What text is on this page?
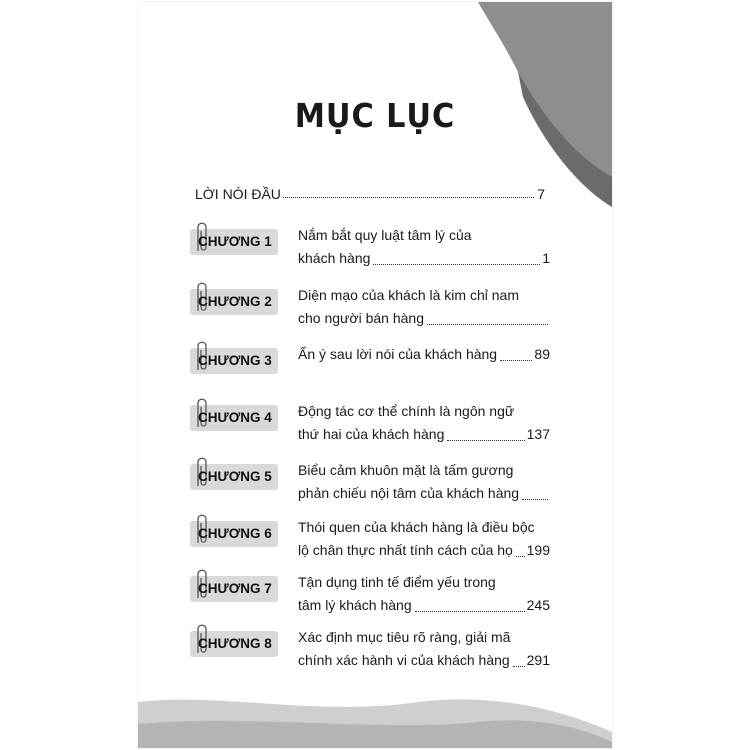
MỤC LỤC
LỜI NÓI ĐẦU	7
CHƯƠNG 1 Nắm bắt quy luật tâm lý của
khách hàng	1
CHƯƠNG 2 Diện mạo của khách là kim chỉ nam
cho người bán hàng
CHƯƠNG 3 Ẩn ý sau lời nói của khách hàng	89
CHƯƠNG 4 Động tác cơ thể chính là ngôn ngữ
thứ hai của khách hàng	137
CHƯƠNG 5 Biểu cảm khuôn mặt là tấm gương
phản chiếu nội tâm của khách hàng
CHƯƠNG 6 Thói quen của khách hàng là điều bộc
lộ chân thực nhất tính cách của họ 199
CHƯƠNG 7 Tận dụng tinh tế điểm yếu trong
tâm lý khách hàng	245
CHƯƠNG 8 Xác định mục tiêu rõ ràng, giải mã
chính xác hành vi của khách hàng 291
